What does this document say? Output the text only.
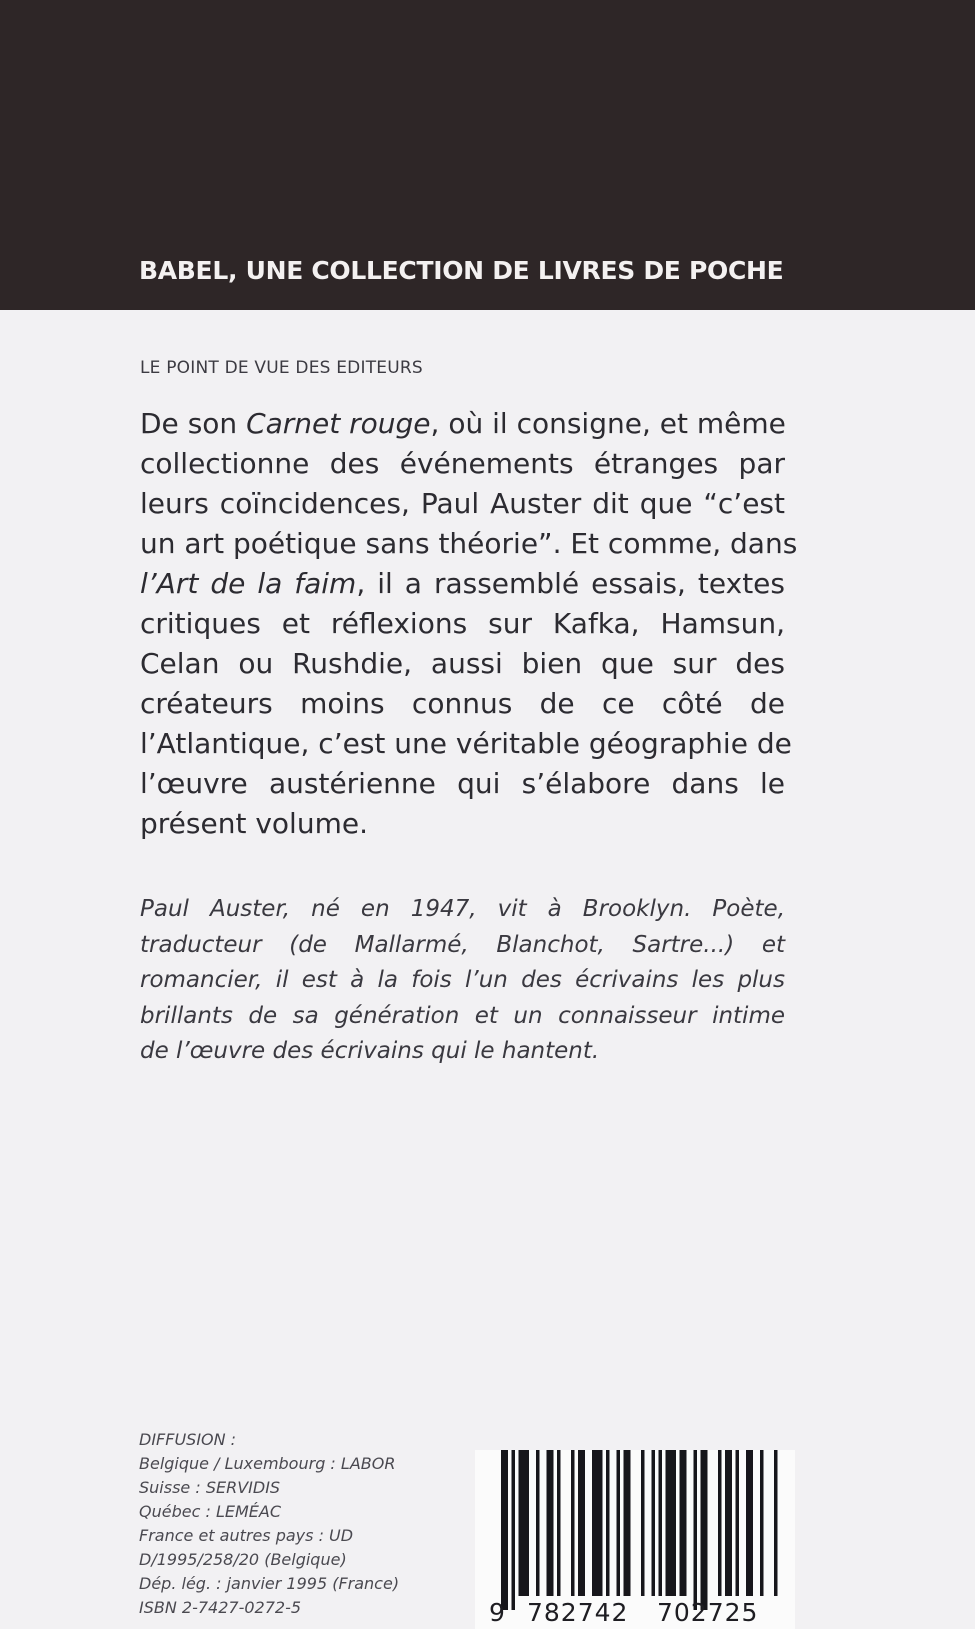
BABEL, UNE COLLECTION DE LIVRES DE POCHE
LE POINT DE VUE DES EDITEURS
De son Carnet rouge, où il consigne, et même
collectionne des événements étranges par
leurs coïncidences, Paul Auster dit que “c’est
un art poétique sans théorie”. Et comme, dans
l’Art de la faim, il a rassemblé essais, textes
critiques et réflexions sur Kafka, Hamsun,
Celan ou Rushdie, aussi bien que sur des
créateurs moins connus de ce côté de
l’Atlantique, c’est une véritable géographie de
l’œuvre austérienne qui s’élabore dans le
présent volume.
Paul Auster, né en 1947, vit à Brooklyn. Poète,
traducteur (de Mallarmé, Blanchot, Sartre...) et
romancier, il est à la fois l’un des écrivains les plus
brillants de sa génération et un connaisseur intime
de l’œuvre des écrivains qui le hantent.
DIFFUSION :
Belgique / Luxembourg : LABOR
Suisse : SERVIDIS
Québec : LEMÉAC
France et autres pays : UD
D/1995/258/20 (Belgique)
Dép. lég. : janvier 1995 (France)
ISBN 2-7427-0272-5	9 782742 702725
